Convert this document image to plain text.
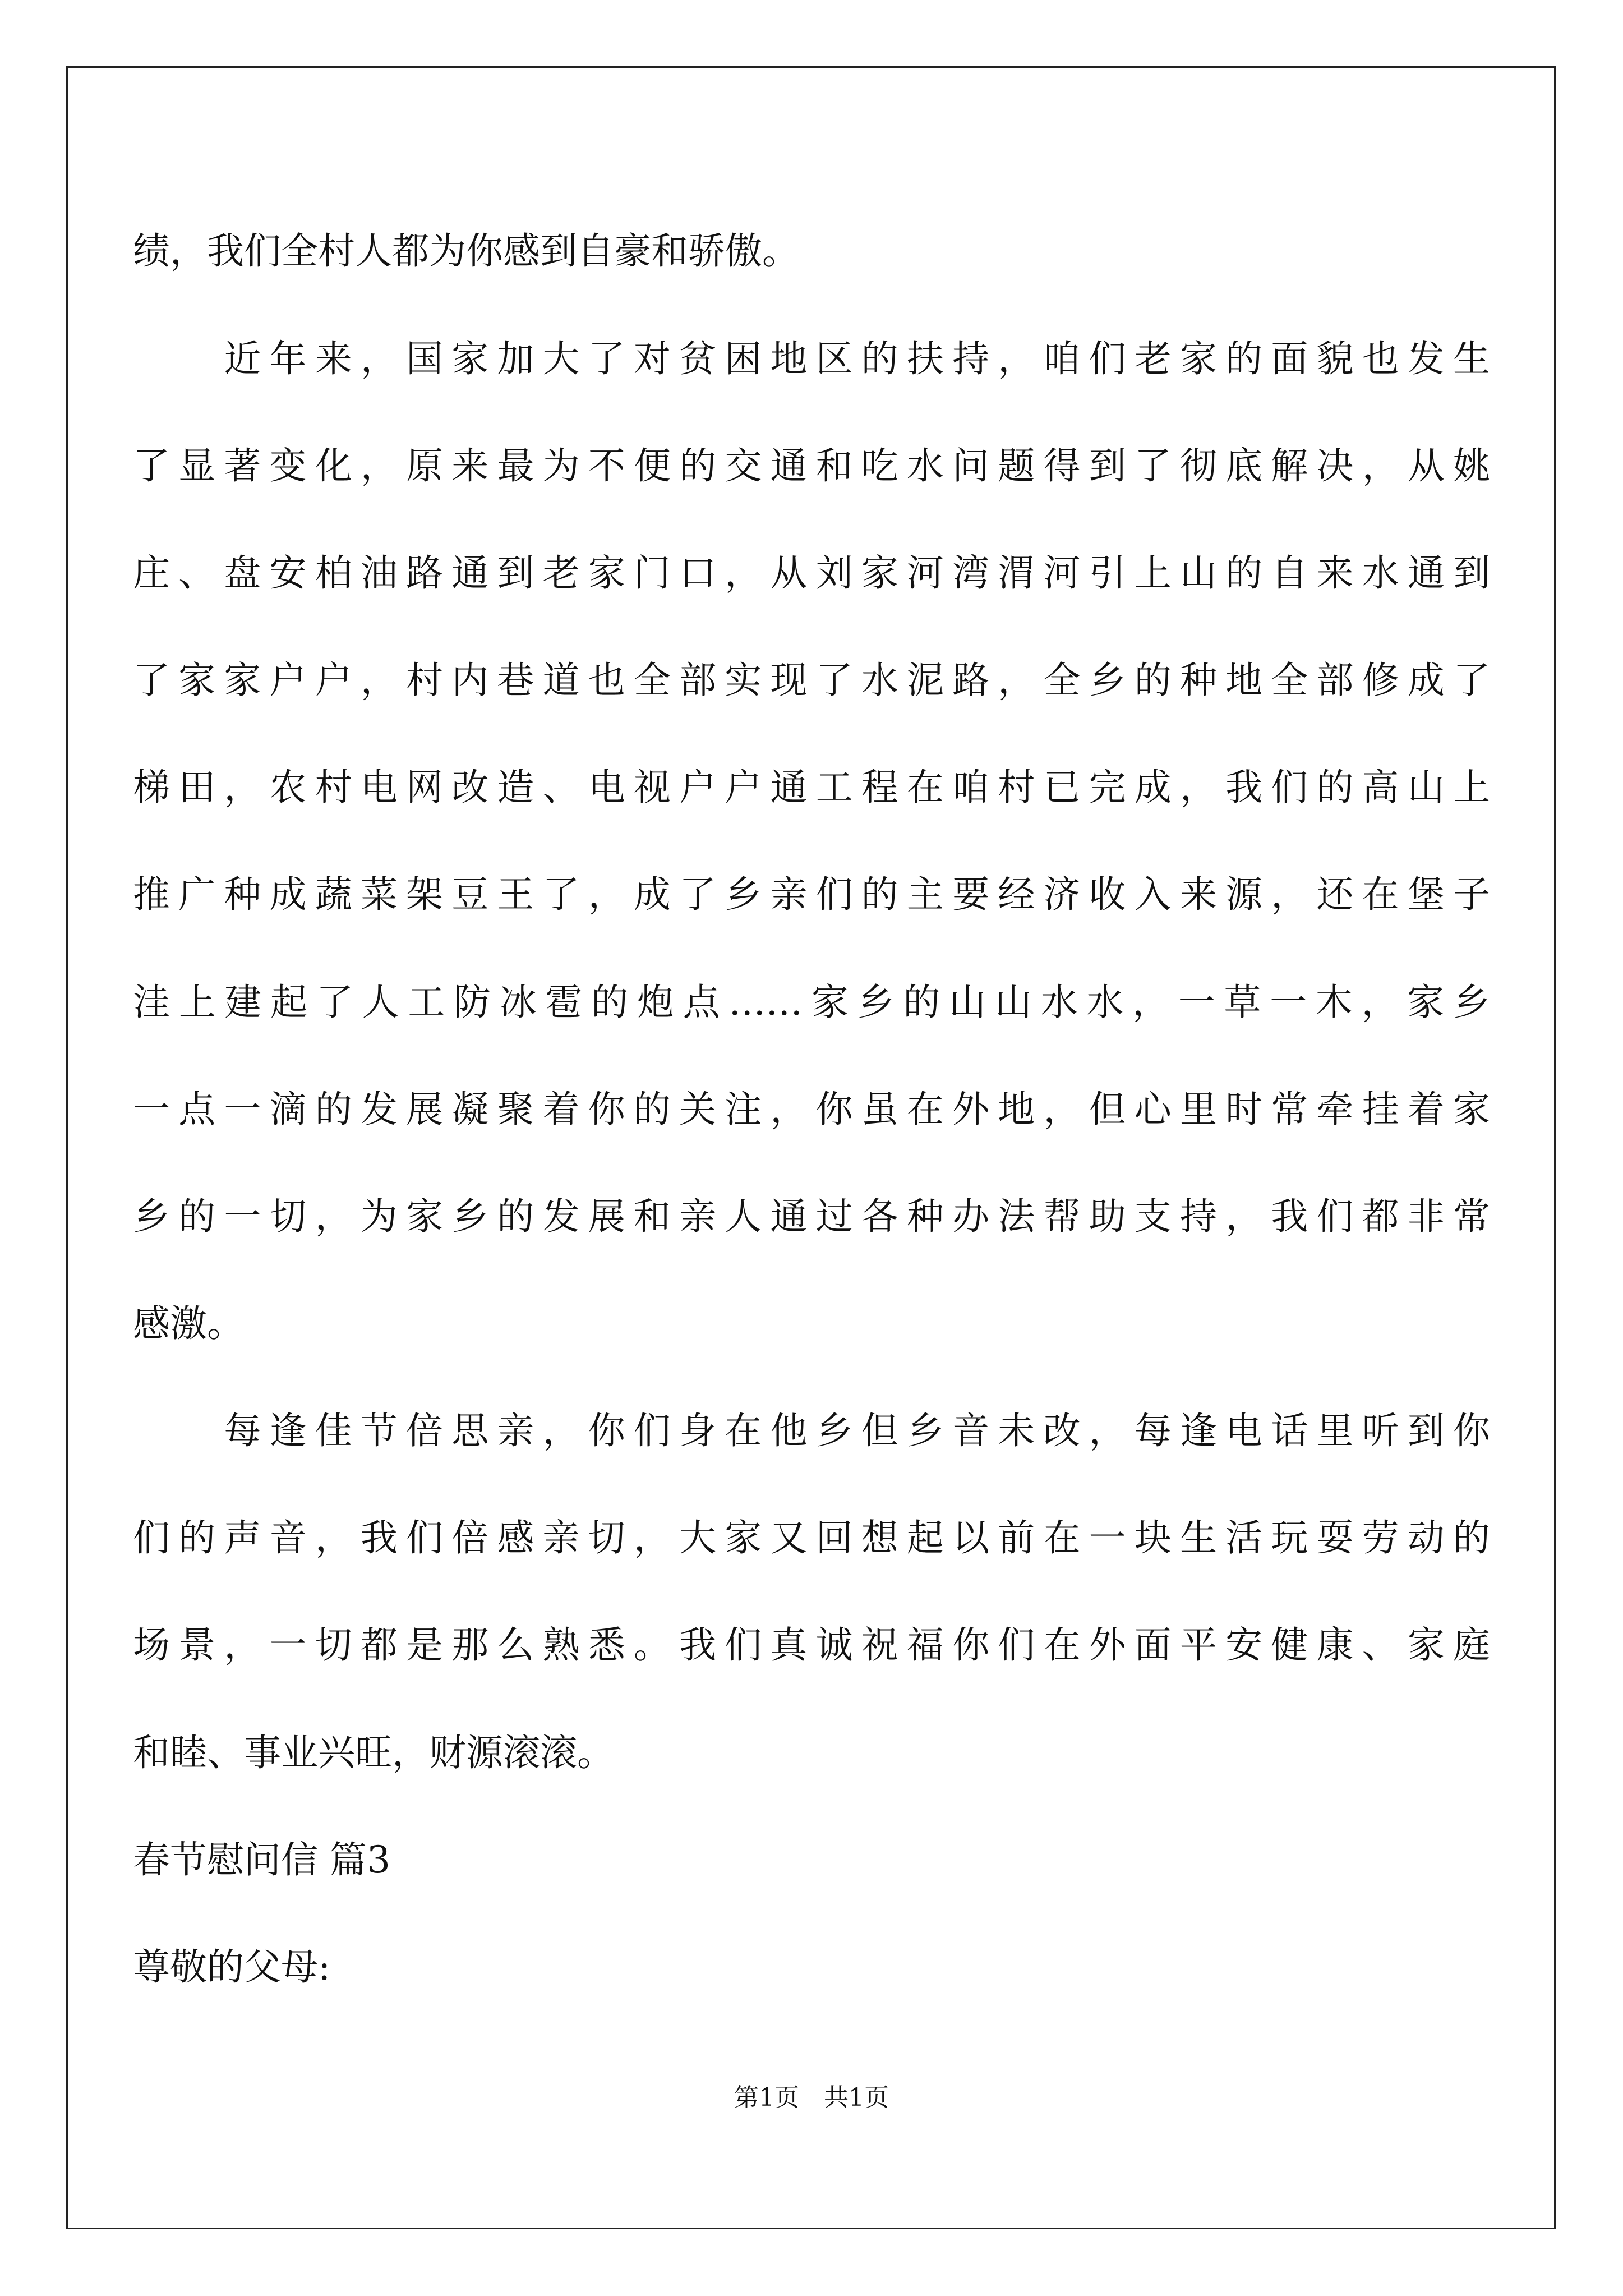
绩，我们全村人都为你感到自豪和骄傲。
　　近年来，国家加大了对贫困地区的扶持，咱们老家的面貌也发生
了显著变化，原来最为不便的交通和吃水问题得到了彻底解决，从姚
庄、盘安柏油路通到老家门口，从刘家河湾渭河引上山的自来水通到
了家家户户，村内巷道也全部实现了水泥路，全乡的种地全部修成了
梯田，农村电网改造、电视户户通工程在咱村已完成，我们的高山上
推广种成蔬菜架豆王了，成了乡亲们的主要经济收入来源，还在堡子
洼上建起了人工防冰雹的炮点……家乡的山山水水，一草一木，家乡
一点一滴的发展凝聚着你的关注，你虽在外地，但心里时常牵挂着家
乡的一切，为家乡的发展和亲人通过各种办法帮助支持，我们都非常
感激。
　　每逢佳节倍思亲，你们身在他乡但乡音未改，每逢电话里听到你
们的声音，我们倍感亲切，大家又回想起以前在一块生活玩耍劳动的
场景，一切都是那么熟悉。我们真诚祝福你们在外面平安健康、家庭
和睦、事业兴旺，财源滚滚。
春节慰问信 篇3
尊敬的父母:
第1页　共1页
